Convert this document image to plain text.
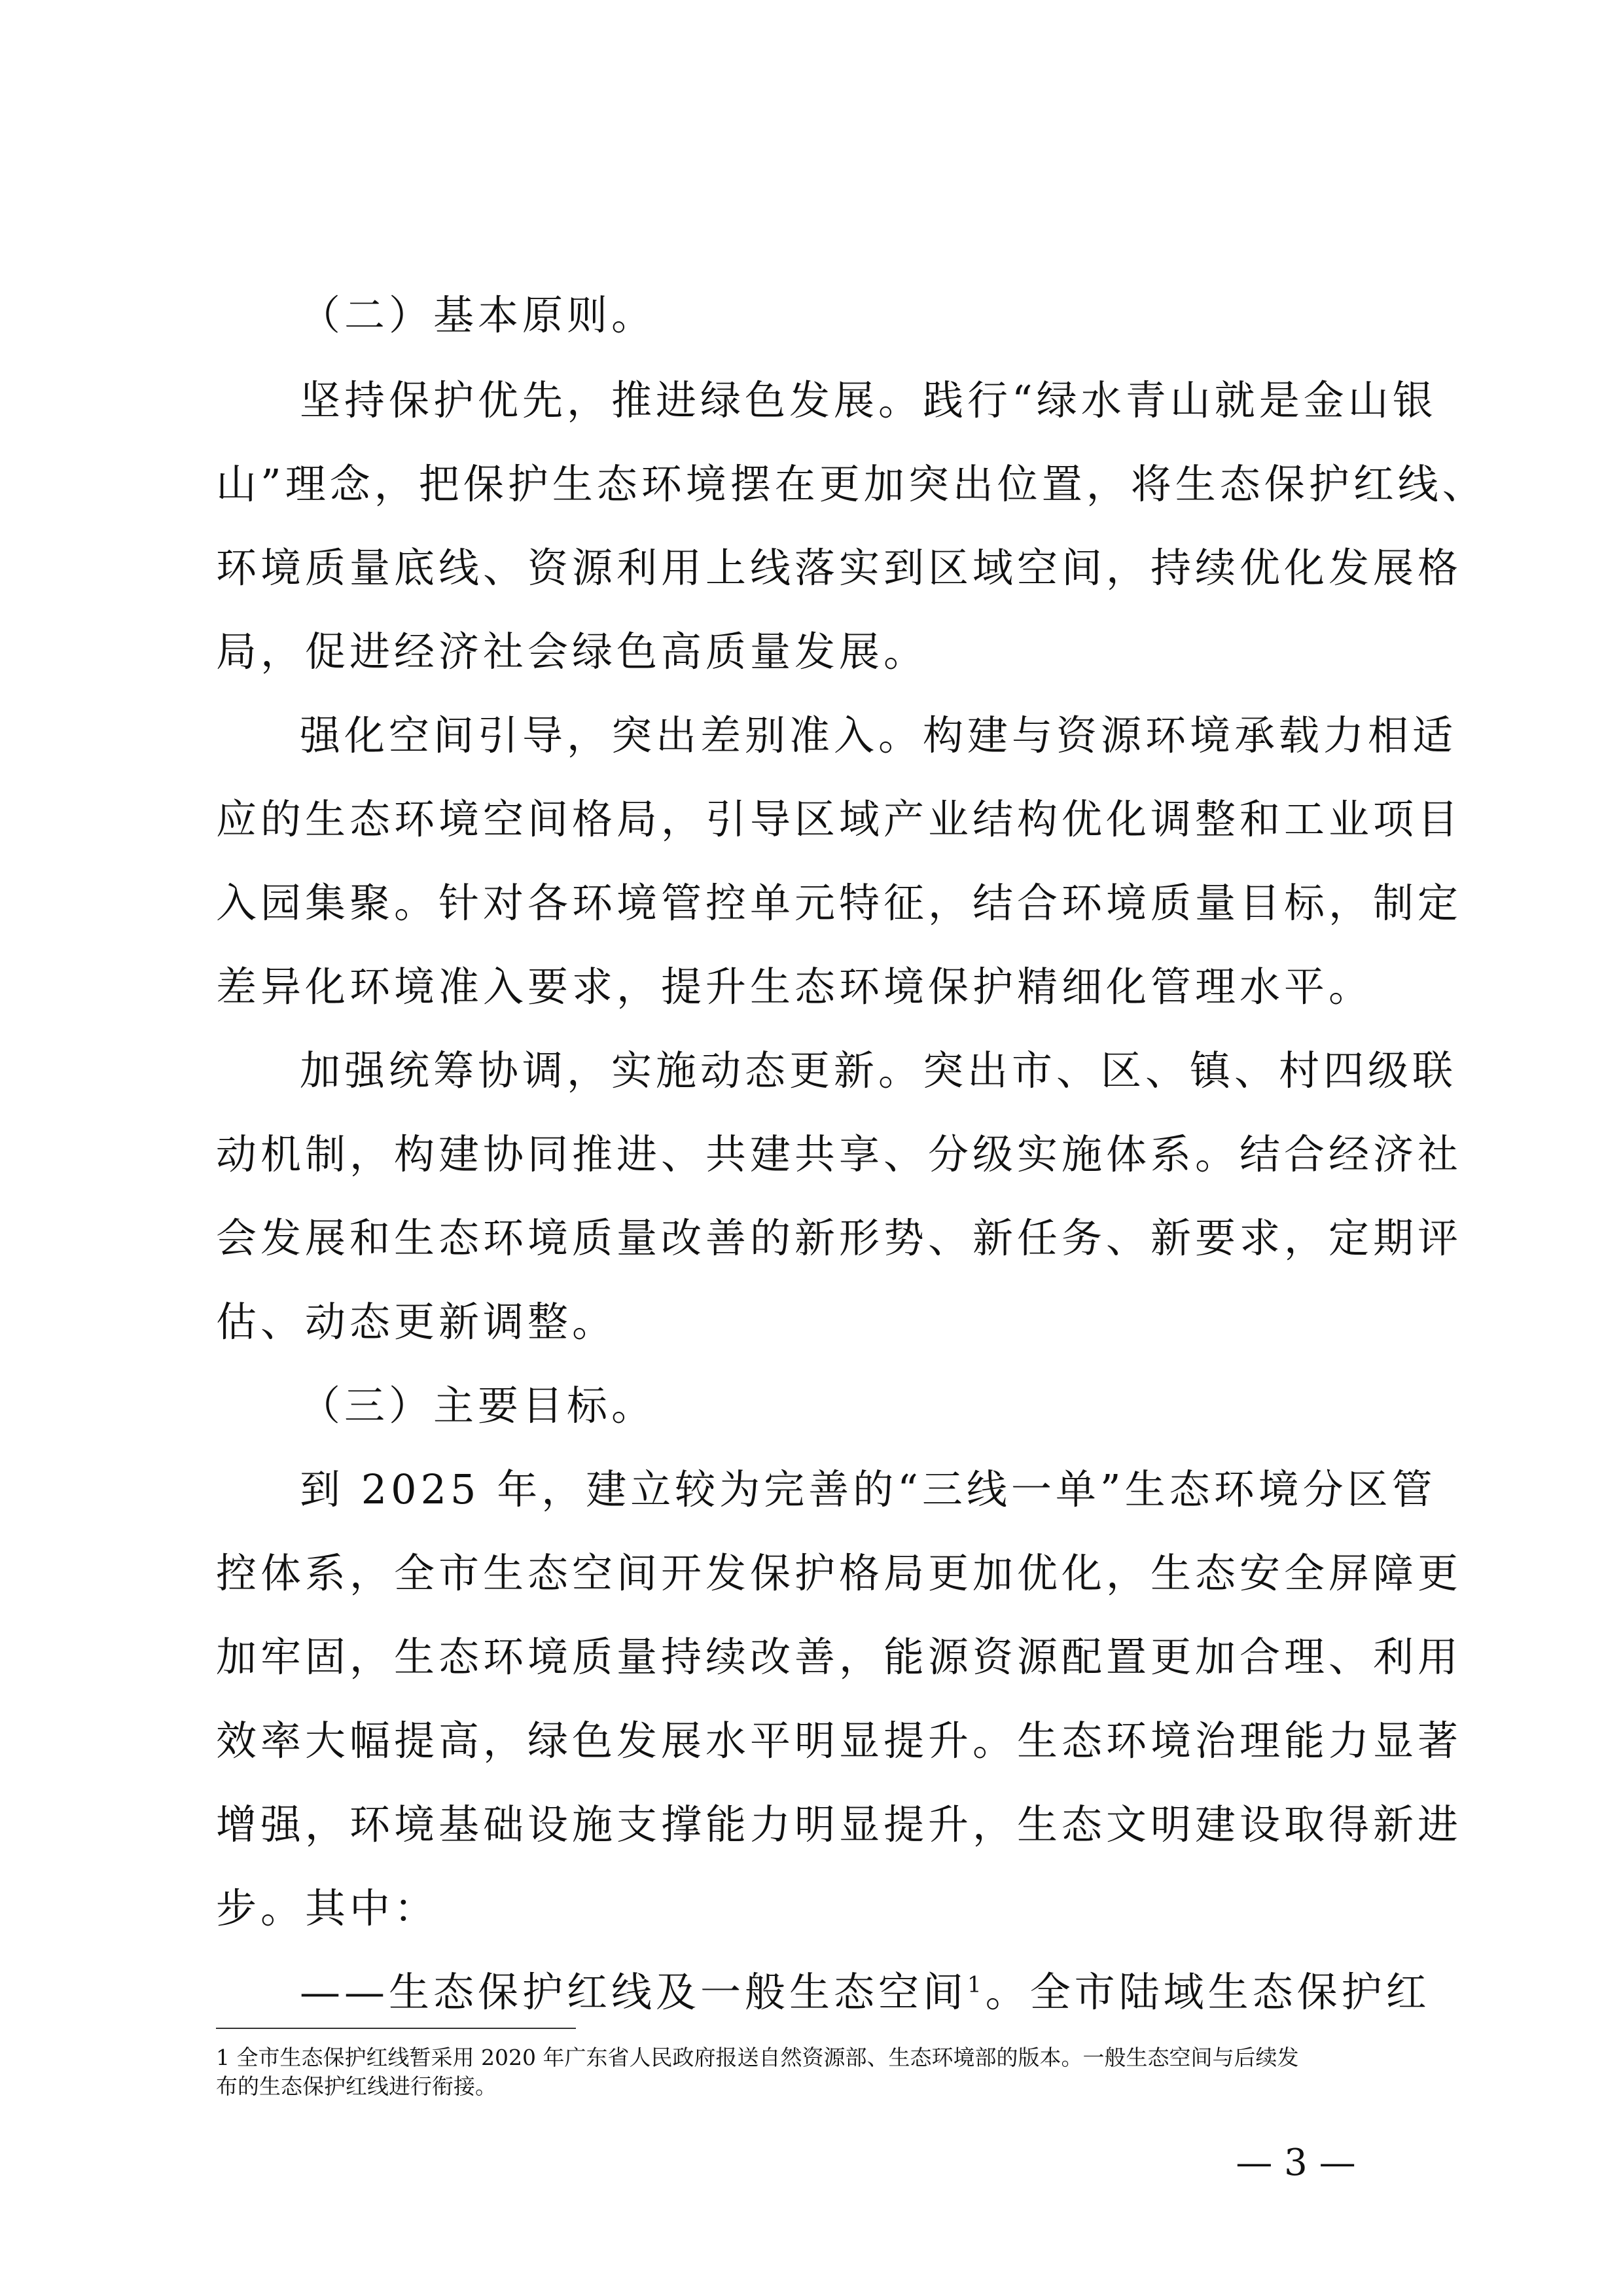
（二）基本原则。
坚持保护优先，推进绿色发展。践行“绿水青山就是金山银
山”理念，把保护生态环境摆在更加突出位置，将生态保护红线、
环境质量底线、资源利用上线落实到区域空间，持续优化发展格
局，促进经济社会绿色高质量发展。
强化空间引导，突出差别准入。构建与资源环境承载力相适
应的生态环境空间格局，引导区域产业结构优化调整和工业项目
入园集聚。针对各环境管控单元特征，结合环境质量目标，制定
差异化环境准入要求，提升生态环境保护精细化管理水平。
加强统筹协调，实施动态更新。突出市、区、镇、村四级联
动机制，构建协同推进、共建共享、分级实施体系。结合经济社
会发展和生态环境质量改善的新形势、新任务、新要求，定期评
估、动态更新调整。
（三）主要目标。
到 2025 年，建立较为完善的“三线一单”生态环境分区管
控体系，全市生态空间开发保护格局更加优化，生态安全屏障更
加牢固，生态环境质量持续改善，能源资源配置更加合理、利用
效率大幅提高，绿色发展水平明显提升。生态环境治理能力显著
增强，环境基础设施支撑能力明显提升，生态文明建设取得新进
步。其中：
——生态保护红线及一般生态空间$^1$。全市陆域生态保护红
1 全市生态保护红线暂采用 2020 年广东省人民政府报送自然资源部、生态环境部的版本。一般生态空间与后续发
布的生态保护红线进行衔接。
— 3 —
